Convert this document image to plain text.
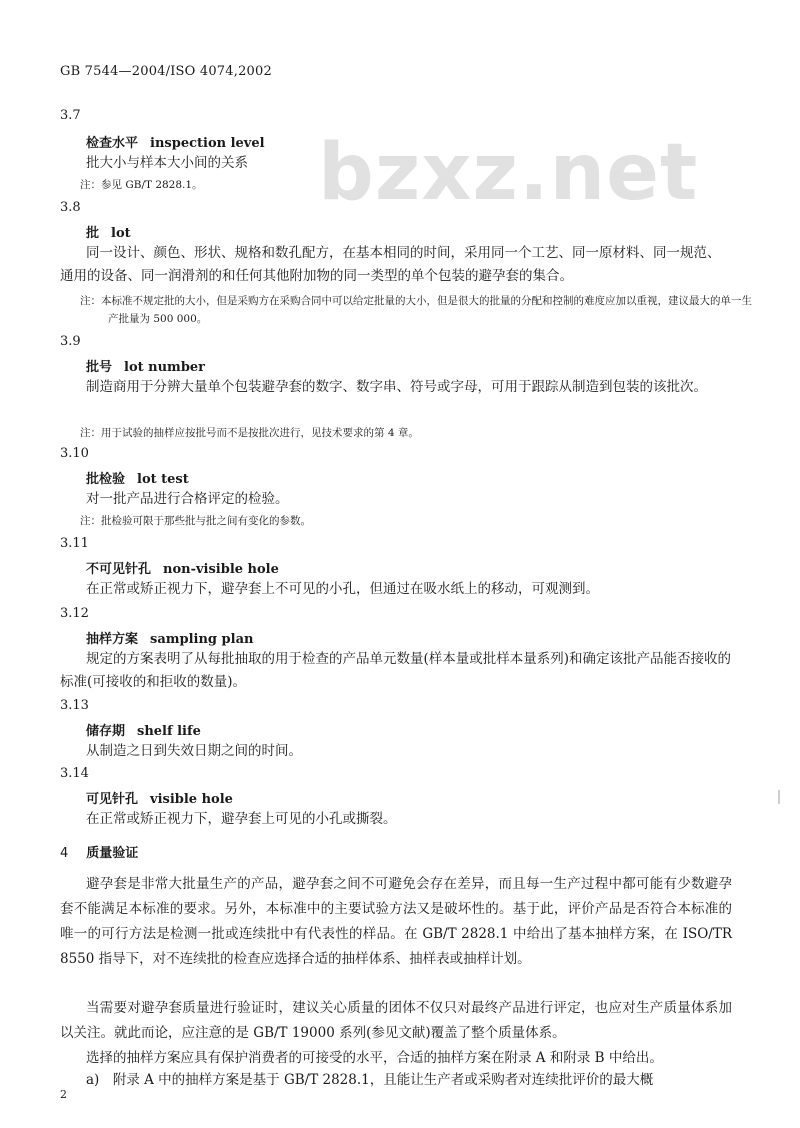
GB 7544—2004/ISO 4074,2002
bzxz.net
3.7
检查水平 inspection level
批大小与样本大小间的关系
注：参见 GB/T 2828.1。
3.8
批 lot
同一设计、颜色、形状、规格和数孔配方，在基本相同的时间，采用同一个工艺、同一原材料、同一规范、通用的设备、同一润滑剂的和任何其他附加物的同一类型的单个包装的避孕套的集合。
注：本标准不规定批的大小，但是采购方在采购合同中可以给定批量的大小，但是很大的批量的分配和控制的难度应加以重视，建议最大的单一生产批量为 500 000。
3.9
批号 lot number
制造商用于分辨大量单个包装避孕套的数字、数字串、符号或字母，可用于跟踪从制造到包装的该批次。
注：用于试验的抽样应按批号而不是按批次进行，见技术要求的第 4 章。
3.10
批检验 lot test
对一批产品进行合格评定的检验。
注：批检验可限于那些批与批之间有变化的参数。
3.11
不可见针孔 non-visible hole
在正常或矫正视力下，避孕套上不可见的小孔，但通过在吸水纸上的移动，可观测到。
3.12
抽样方案 sampling plan
规定的方案表明了从每批抽取的用于检查的产品单元数量(样本量或批样本量系列)和确定该批产品能否接收的标准(可接收的和拒收的数量)。
3.13
储存期 shelf life
从制造之日到失效日期之间的时间。
3.14
可见针孔 visible hole
在正常或矫正视力下，避孕套上可见的小孔或撕裂。
4 质量验证
避孕套是非常大批量生产的产品，避孕套之间不可避免会存在差异，而且每一生产过程中都可能有少数避孕套不能满足本标准的要求。另外，本标准中的主要试验方法又是破坏性的。基于此，评价产品是否符合本标准的唯一的可行方法是检测一批或连续批中有代表性的样品。在 GB/T 2828.1 中给出了基本抽样方案，在 ISO/TR 8550 指导下，对不连续批的检查应选择合适的抽样体系、抽样表或抽样计划。
当需要对避孕套质量进行验证时，建议关心质量的团体不仅只对最终产品进行评定，也应对生产质量体系加以关注。就此而论，应注意的是 GB/T 19000 系列(参见文献)覆盖了整个质量体系。
选择的抽样方案应具有保护消费者的可接受的水平，合适的抽样方案在附录 A 和附录 B 中给出。
a)　附录 A 中的抽样方案是基于 GB/T 2828.1，且能让生产者或采购者对连续批评价的最大概
2
